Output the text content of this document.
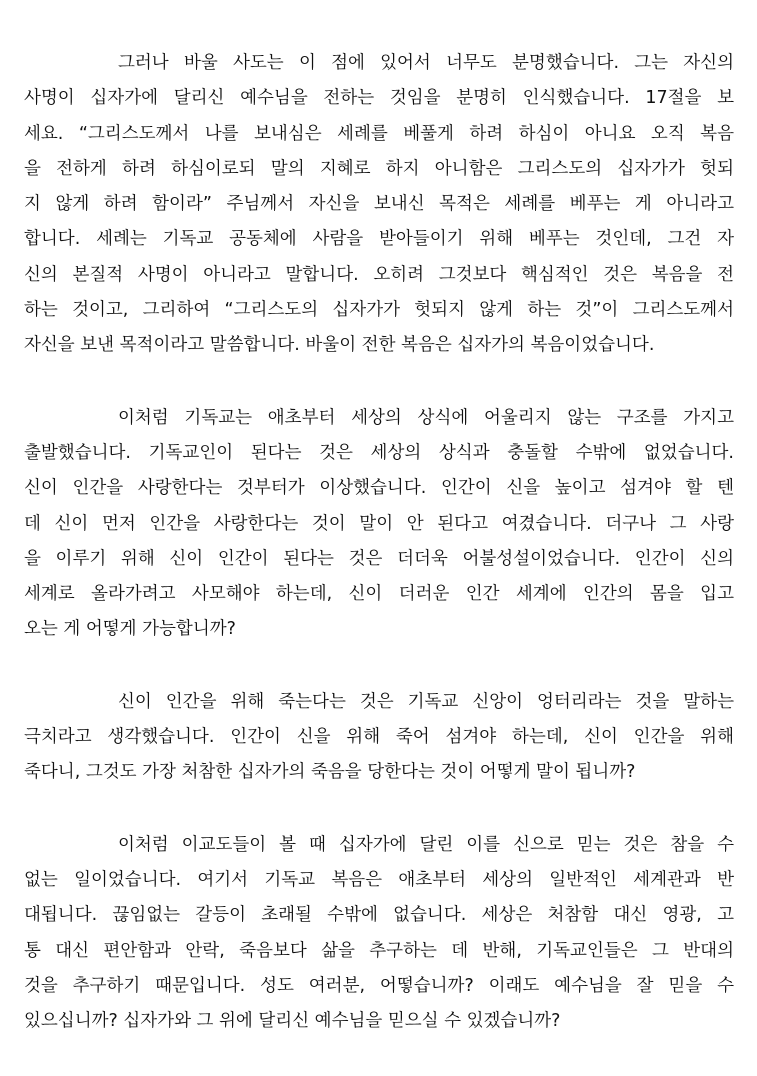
그러나 바울 사도는 이 점에 있어서 너무도 분명했습니다. 그는 자신의
사명이 십자가에 달리신 예수님을 전하는 것임을 분명히 인식했습니다. 17절을 보
세요. “그리스도께서 나를 보내심은 세례를 베풀게 하려 하심이 아니요 오직 복음
을 전하게 하려 하심이로되 말의 지혜로 하지 아니함은 그리스도의 십자가가 헛되
지 않게 하려 함이라” 주님께서 자신을 보내신 목적은 세례를 베푸는 게 아니라고
합니다. 세례는 기독교 공동체에 사람을 받아들이기 위해 베푸는 것인데, 그건 자
신의 본질적 사명이 아니라고 말합니다. 오히려 그것보다 핵심적인 것은 복음을 전
하는 것이고, 그리하여 “그리스도의 십자가가 헛되지 않게 하는 것”이 그리스도께서
자신을 보낸 목적이라고 말씀합니다. 바울이 전한 복음은 십자가의 복음이었습니다.
이처럼 기독교는 애초부터 세상의 상식에 어울리지 않는 구조를 가지고
출발했습니다. 기독교인이 된다는 것은 세상의 상식과 충돌할 수밖에 없었습니다.
신이 인간을 사랑한다는 것부터가 이상했습니다. 인간이 신을 높이고 섬겨야 할 텐
데 신이 먼저 인간을 사랑한다는 것이 말이 안 된다고 여겼습니다. 더구나 그 사랑
을 이루기 위해 신이 인간이 된다는 것은 더더욱 어불성설이었습니다. 인간이 신의
세계로 올라가려고 사모해야 하는데, 신이 더러운 인간 세계에 인간의 몸을 입고
오는 게 어떻게 가능합니까?
신이 인간을 위해 죽는다는 것은 기독교 신앙이 엉터리라는 것을 말하는
극치라고 생각했습니다. 인간이 신을 위해 죽어 섬겨야 하는데, 신이 인간을 위해
죽다니, 그것도 가장 처참한 십자가의 죽음을 당한다는 것이 어떻게 말이 됩니까?
이처럼 이교도들이 볼 때 십자가에 달린 이를 신으로 믿는 것은 참을 수
없는 일이었습니다. 여기서 기독교 복음은 애초부터 세상의 일반적인 세계관과 반
대됩니다. 끊임없는 갈등이 초래될 수밖에 없습니다. 세상은 처참함 대신 영광, 고
통 대신 편안함과 안락, 죽음보다 삶을 추구하는 데 반해, 기독교인들은 그 반대의
것을 추구하기 때문입니다. 성도 여러분, 어떻습니까? 이래도 예수님을 잘 믿을 수
있으십니까? 십자가와 그 위에 달리신 예수님을 믿으실 수 있겠습니까?
